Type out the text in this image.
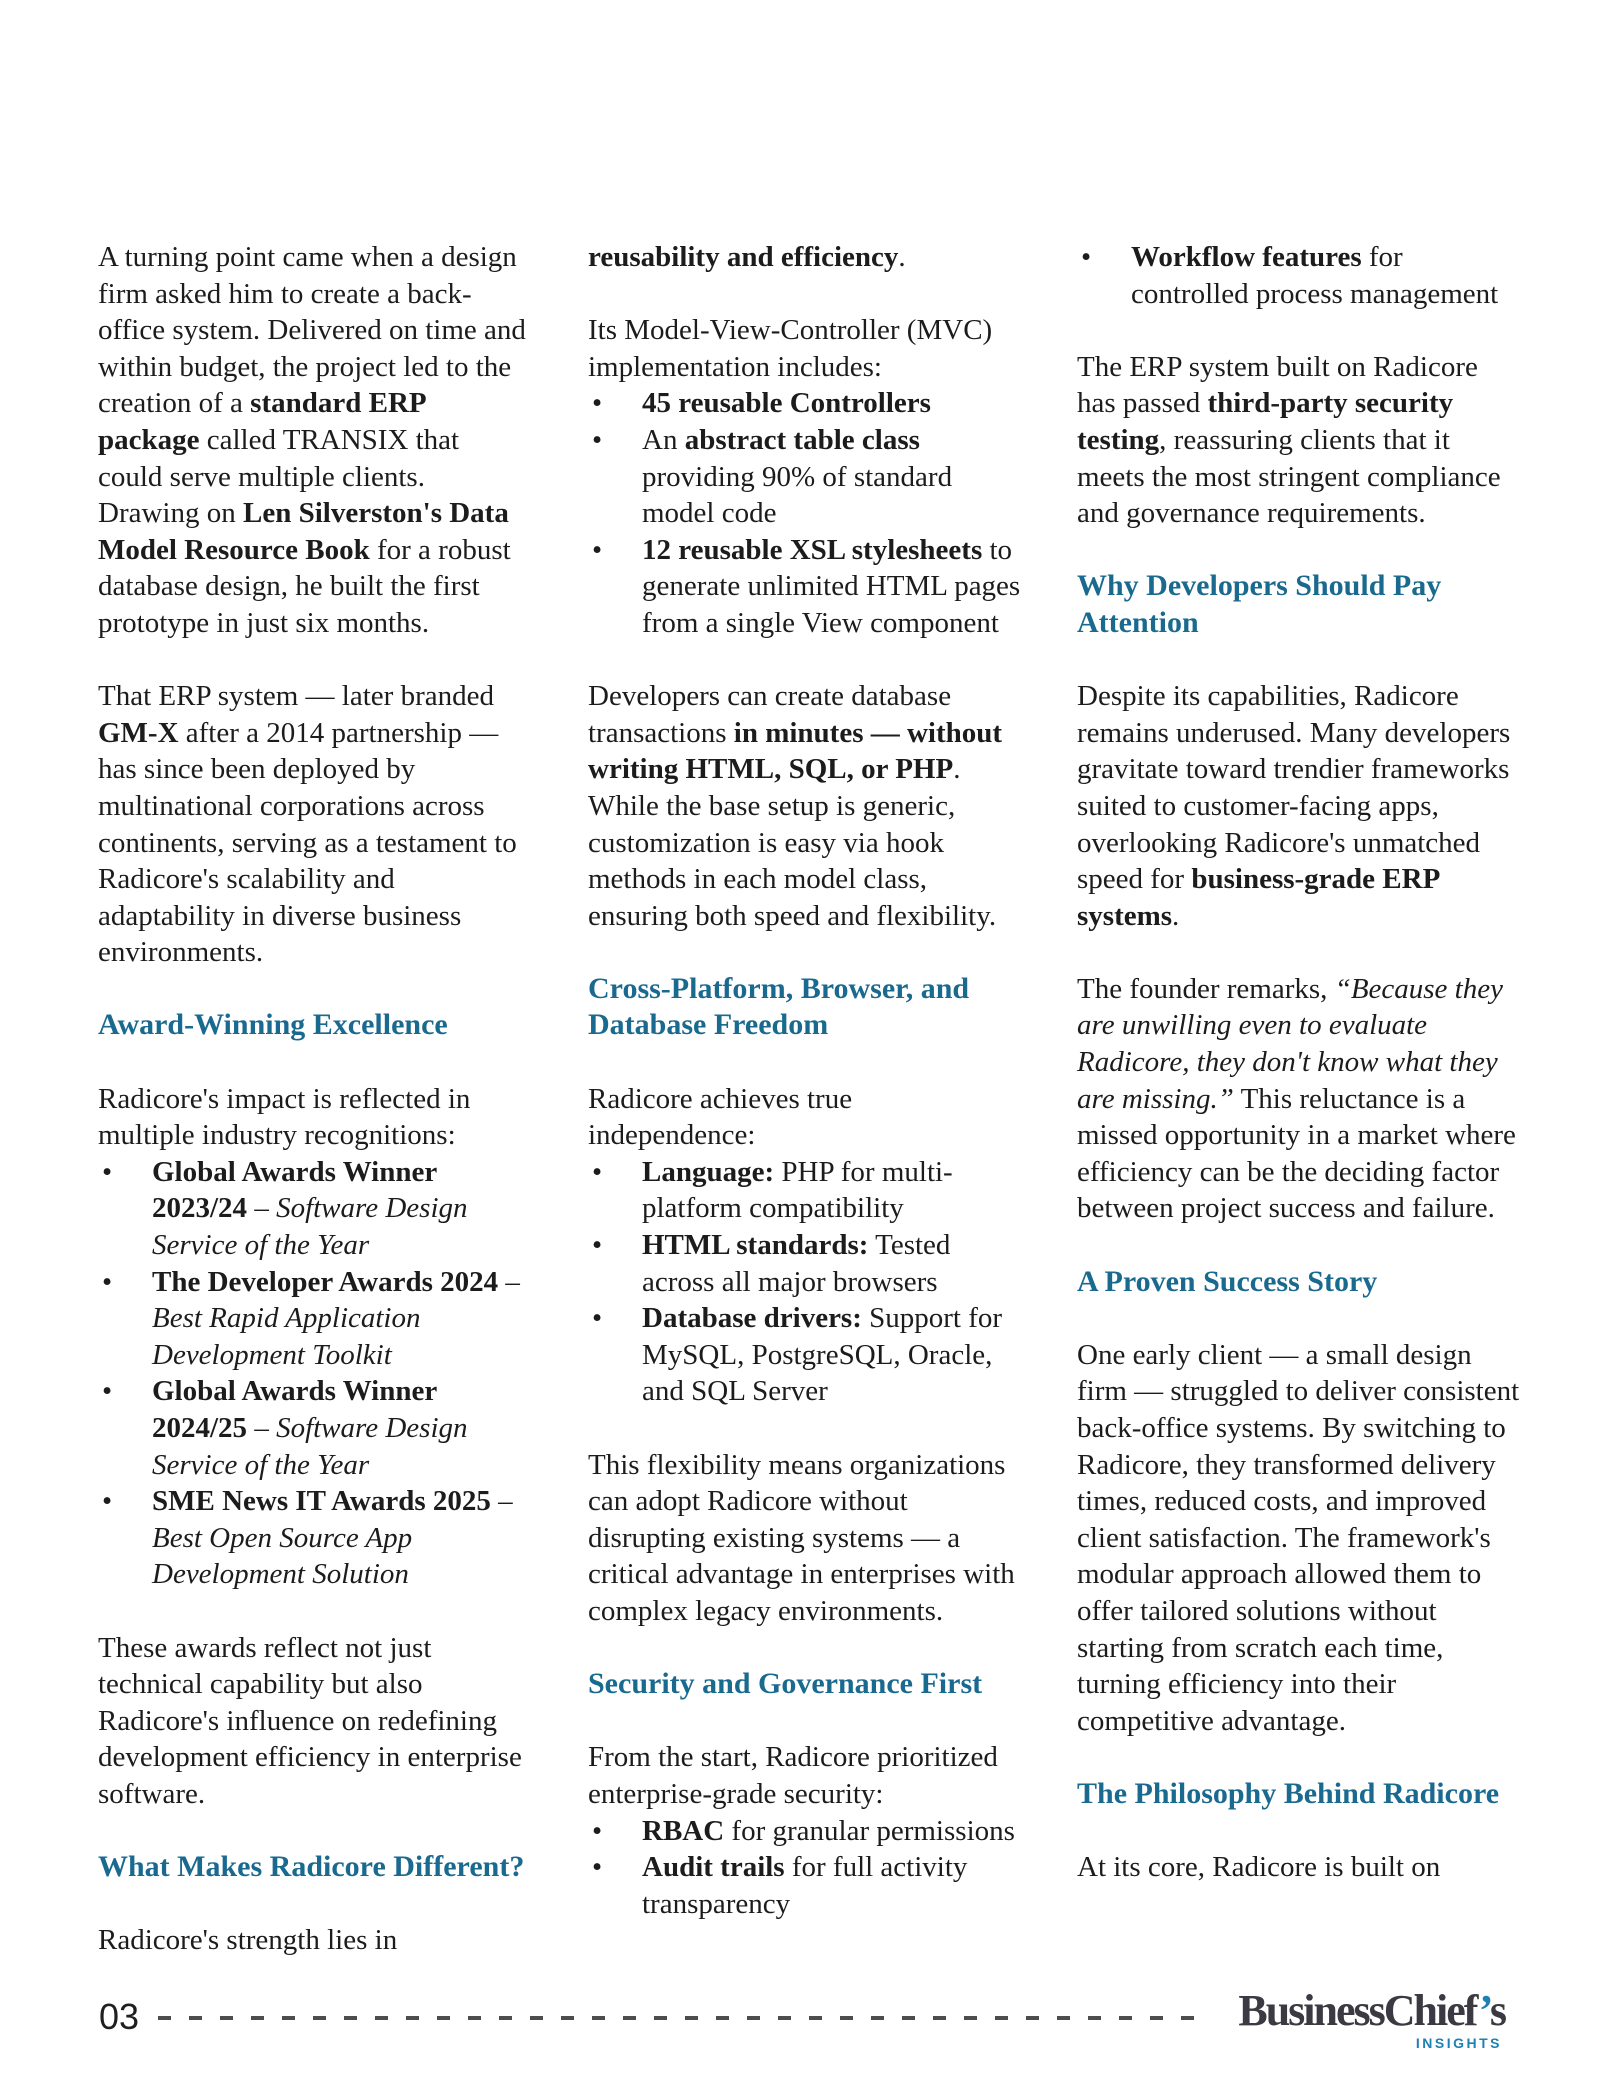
A turning point came when a design firm asked him to create a back-office system. Delivered on time and within budget, the project led to the creation of a standard ERP package called TRANSIX that could serve multiple clients. Drawing on Len Silverston's Data Model Resource Book for a robust database design, he built the first prototype in just six months.

That ERP system — later branded GM-X after a 2014 partnership — has since been deployed by multinational corporations across continents, serving as a testament to Radicore's scalability and adaptability in diverse business environments.

Award-Winning Excellence

Radicore's impact is reflected in multiple industry recognitions:

• Global Awards Winner 2023/24 – Software Design Service of the Year
• The Developer Awards 2024 – Best Rapid Application Development Toolkit
• Global Awards Winner 2024/25 – Software Design Service of the Year
• SME News IT Awards 2025 – Best Open Source App Development Solution

These awards reflect not just technical capability but also Radicore's influence on redefining development efficiency in enterprise software.

What Makes Radicore Different?

Radicore's strength lies in

reusability and efficiency.

Its Model-View-Controller (MVC) implementation includes:

• 45 reusable Controllers
• An abstract table class providing 90% of standard model code
• 12 reusable XSL stylesheets to generate unlimited HTML pages from a single View component

Developers can create database transactions in minutes — without writing HTML, SQL, or PHP. While the base setup is generic, customization is easy via hook methods in each model class, ensuring both speed and flexibility.

Cross-Platform, Browser, and Database Freedom

Radicore achieves true independence:

• Language: PHP for multi-platform compatibility
• HTML standards: Tested across all major browsers
• Database drivers: Support for MySQL, PostgreSQL, Oracle, and SQL Server

This flexibility means organizations can adopt Radicore without disrupting existing systems — a critical advantage in enterprises with complex legacy environments.

Security and Governance First

From the start, Radicore prioritized enterprise-grade security:

• RBAC for granular permissions
• Audit trails for full activity transparency
• Workflow features for controlled process management

The ERP system built on Radicore has passed third-party security testing, reassuring clients that it meets the most stringent compliance and governance requirements.

Why Developers Should Pay Attention

Despite its capabilities, Radicore remains underused. Many developers gravitate toward trendier frameworks suited to customer-facing apps, overlooking Radicore's unmatched speed for business-grade ERP systems.

The founder remarks, “Because they are unwilling even to evaluate Radicore, they don't know what they are missing.” This reluctance is a missed opportunity in a market where efficiency can be the deciding factor between project success and failure.

A Proven Success Story

One early client — a small design firm — struggled to deliver consistent back-office systems. By switching to Radicore, they transformed delivery times, reduced costs, and improved client satisfaction. The framework's modular approach allowed them to offer tailored solutions without starting from scratch each time, turning efficiency into their competitive advantage.

The Philosophy Behind Radicore

At its core, Radicore is built on

03	BusinessChief’s
INSIGHTS
